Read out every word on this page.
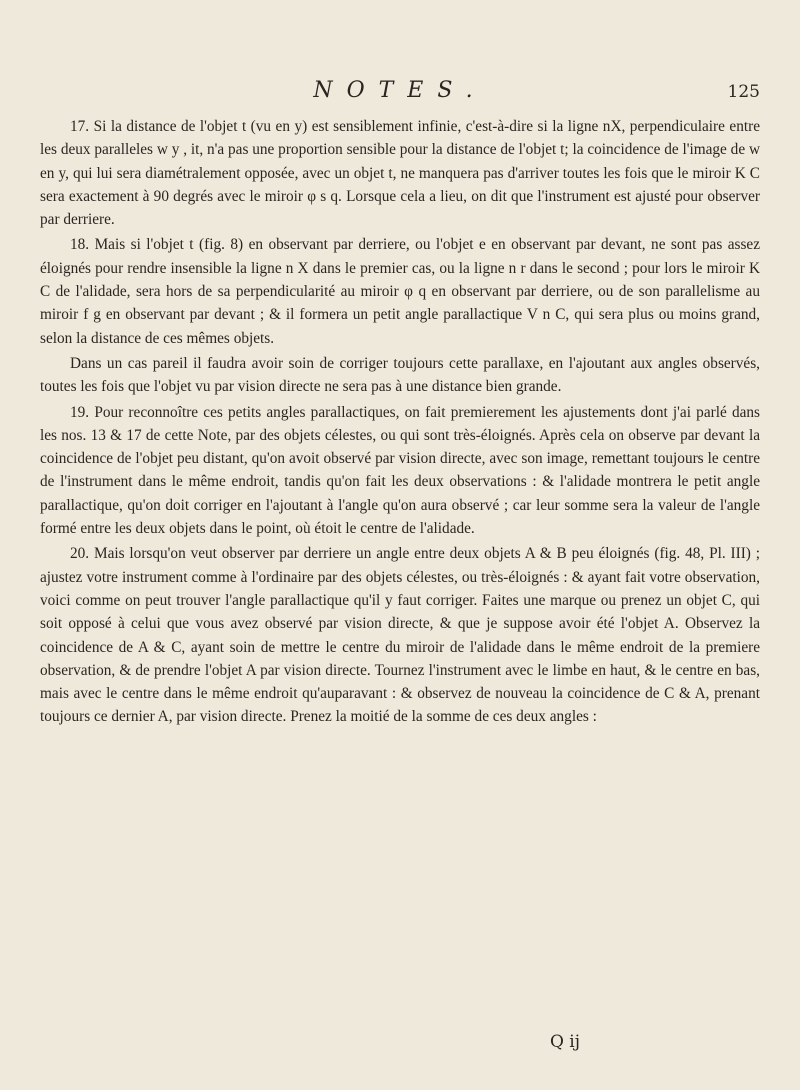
NOTES.	125

17. Si la distance de l'objet t (vu en y) est sensiblement infinie, c'est-à-dire si la ligne nX, perpendiculaire entre les deux paralleles w y , it, n'a pas une proportion sensible pour la distance de l'objet t; la coincidence de l'image de w en y, qui lui sera diamétralement opposée, avec un objet t, ne manquera pas d'arriver toutes les fois que le miroir K C sera exactement à 90 degrés avec le miroir φ s q. Lorsque cela a lieu, on dit que l'instrument est ajusté pour observer par derriere.

18. Mais si l'objet t (fig. 8) en observant par derriere, ou l'objet e en observant par devant, ne sont pas assez éloignés pour rendre insensible la ligne n X dans le premier cas, ou la ligne n r dans le second ; pour lors le miroir K C de l'alidade, sera hors de sa perpendicularité au miroir φ q en observant par derriere, ou de son parallelisme au miroir f g en observant par devant ; & il formera un petit angle parallactique V n C, qui sera plus ou moins grand, selon la distance de ces mêmes objets.

Dans un cas pareil il faudra avoir soin de corriger toujours cette parallaxe, en l'ajoutant aux angles observés, toutes les fois que l'objet vu par vision directe ne sera pas à une distance bien grande.

19. Pour reconnoître ces petits angles parallactiques, on fait premierement les ajustements dont j'ai parlé dans les nos. 13 & 17 de cette Note, par des objets célestes, ou qui sont très-éloignés. Après cela on observe par devant la coincidence de l'objet peu distant, qu'on avoit observé par vision directe, avec son image, remettant toujours le centre de l'instrument dans le même endroit, tandis qu'on fait les deux observations : & l'alidade montrera le petit angle parallactique, qu'on doit corriger en l'ajoutant à l'angle qu'on aura observé ; car leur somme sera la valeur de l'angle formé entre les deux objets dans le point, où étoit le centre de l'alidade.

20. Mais lorsqu'on veut observer par derriere un angle entre deux objets A & B peu éloignés (fig. 48, Pl. III) ; ajustez votre instrument comme à l'ordinaire par des objets célestes, ou très-éloignés : & ayant fait votre observation, voici comme on peut trouver l'angle parallactique qu'il y faut corriger. Faites une marque ou prenez un objet C, qui soit opposé à celui que vous avez observé par vision directe, & que je suppose avoir été l'objet A. Observez la coincidence de A & C, ayant soin de mettre le centre du miroir de l'alidade dans le même endroit de la premiere observation, & de prendre l'objet A par vision directe. Tournez l'instrument avec le limbe en haut, & le centre en bas, mais avec le centre dans le même endroit qu'auparavant : & observez de nouveau la coincidence de C & A, prenant toujours ce dernier A, par vision directe. Prenez la moitié de la somme de ces deux angles :

Q ij
